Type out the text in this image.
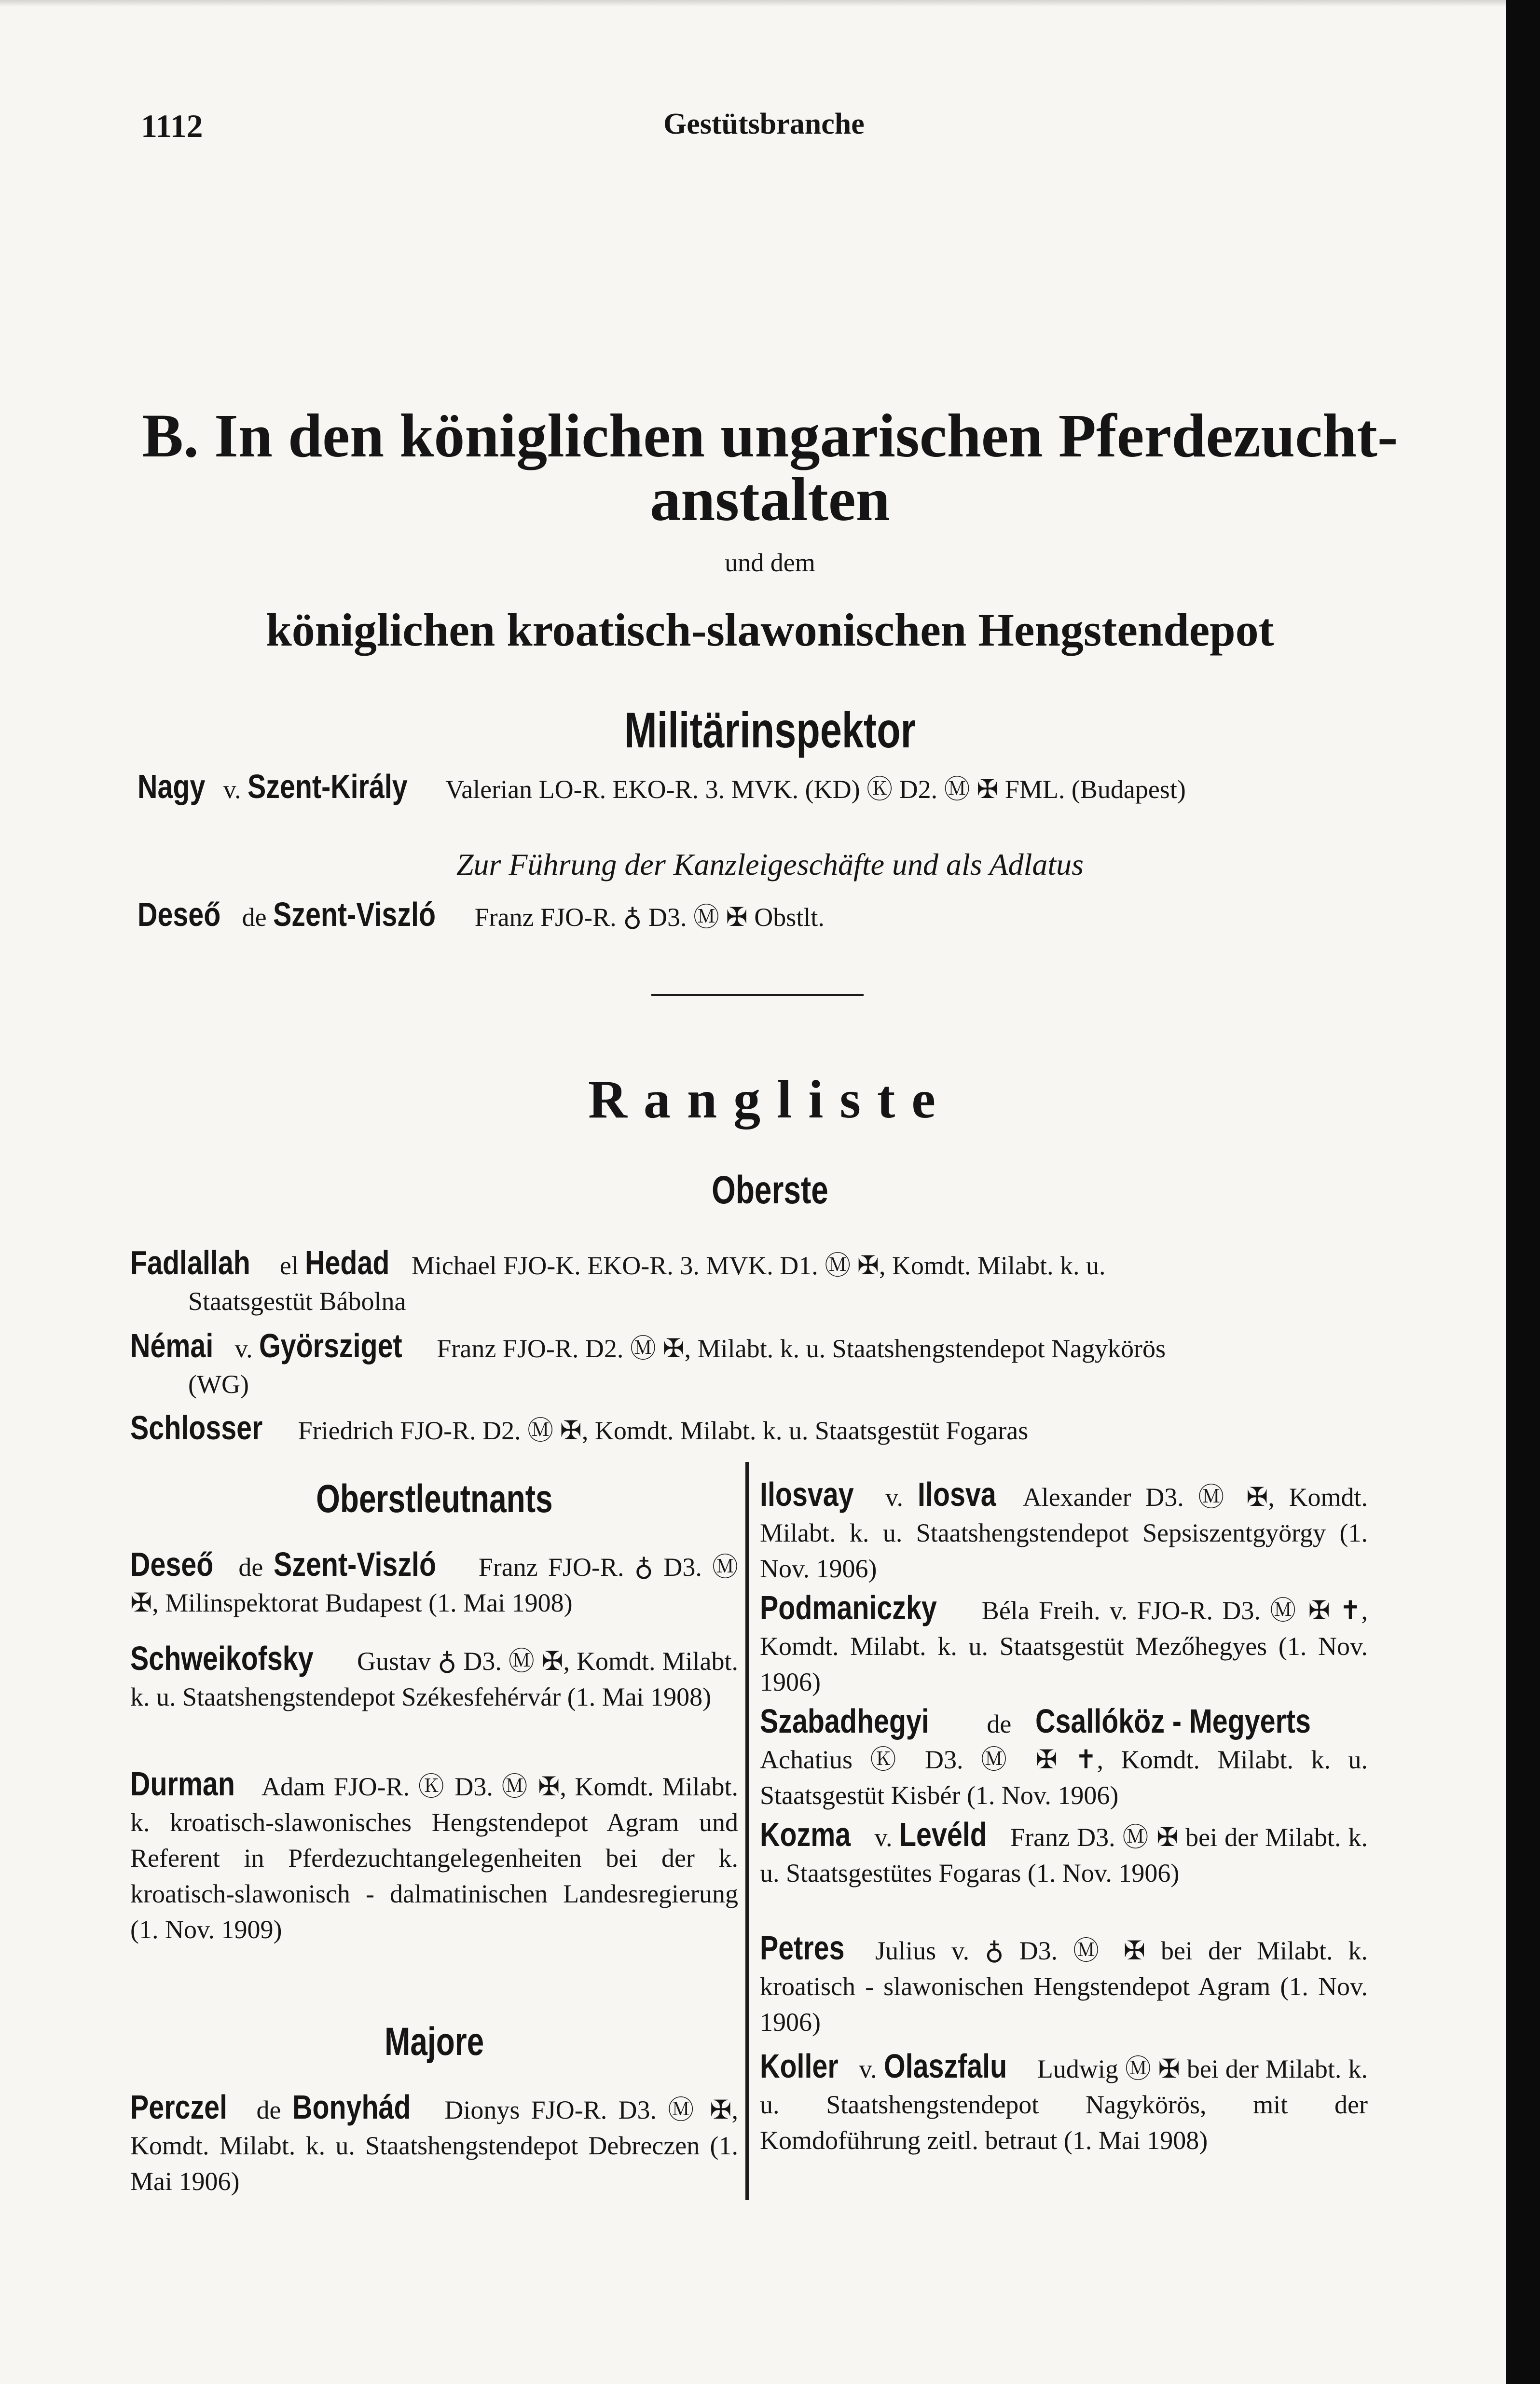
1112	Gestütsbranche
B. In den königlichen ungarischen Pferdezucht-
anstalten
und dem
königlichen kroatisch-slawonischen Hengstendepot
Militärinspektor
Nagy v. Szent-Király Valerian LO-R. EKO-R. 3. MVK. (KD) Ⓚ D2. Ⓜ ✠ FML. (Budapest)
Zur Führung der Kanzleigeschäfte und als Adlatus
Deseő de Szent-Viszló Franz FJO-R. ♁ D3. Ⓜ ✠ Obstlt.
Rangliste
Oberste
Fadlallah el Hedad Michael FJO-K. EKO-R. 3. MVK. D1. Ⓜ ✠, Komdt. Milabt. k. u.
Staatsgestüt Bábolna
Némai v. Györsziget Franz FJO-R. D2. Ⓜ ✠, Milabt. k. u. Staatshengstendepot Nagykörös
(WG)
Schlosser Friedrich FJO-R. D2. Ⓜ ✠, Komdt. Milabt. k. u. Staatsgestüt Fogaras
Oberstleutnants
Deseő de Szent-Viszló Franz FJO-R. ♁ D3. Ⓜ ✠, Milinspektorat Budapest (1. Mai 1908)
Schweikofsky Gustav ♁ D3. Ⓜ ✠, Komdt. Milabt. k. u. Staatshengstendepot Székesfehérvár (1. Mai 1908)
Durman Adam FJO-R. Ⓚ D3. Ⓜ ✠, Komdt. Milabt. k. kroatisch-slawonisches Hengstendepot Agram und Referent in Pferdezuchtangelegenheiten bei der k. kroatisch-slawonisch - dalmatinischen Landesregierung (1. Nov. 1909)
Majore
Perczel de Bonyhád Dionys FJO-R. D3. Ⓜ ✠, Komdt. Milabt. k. u. Staatshengstendepot Debreczen (1. Mai 1906)
Ilosvay v. Ilosva Alexander D3. Ⓜ ✠, Komdt. Milabt. k. u. Staatshengstendepot Sepsiszentgyörgy (1. Nov. 1906)
Podmaniczky Béla Freih. v. FJO-R. D3. Ⓜ ✠ ✝, Komdt. Milabt. k. u. Staatsgestüt Mezőhegyes (1. Nov. 1906)
Szabadhegyi de Csallóköz - Megyerts Achatius Ⓚ D3. Ⓜ ✠ ✝, Komdt. Milabt. k. u. Staatsgestüt Kisbér (1. Nov. 1906)
Kozma v. Levéld Franz D3. Ⓜ ✠ bei der Milabt. k. u. Staatsgestütes Fogaras (1. Nov. 1906)
Petres Julius v. ♁ D3. Ⓜ ✠ bei der Milabt. k. kroatisch - slawonischen Hengstendepot Agram (1. Nov. 1906)
Koller v. Olaszfalu Ludwig Ⓜ ✠ bei der Milabt. k. u. Staatshengstendepot Nagykörös, mit der Komdoführung zeitl. betraut (1. Mai 1908)
